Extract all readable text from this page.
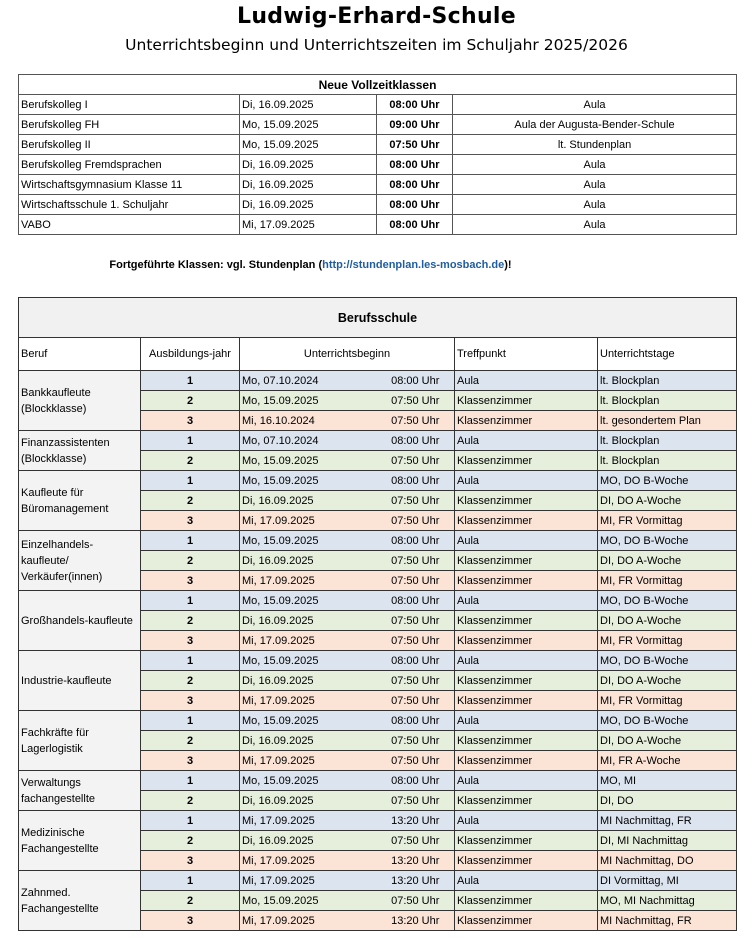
Ludwig-Erhard-Schule
Unterrichtsbeginn und Unterrichtszeiten im Schuljahr 2025/2026
Neue Vollzeitklassen			
Berufskolleg I	Di, 16.09.2025	08:00 Uhr	Aula
Berufskolleg FH	Mo, 15.09.2025	09:00 Uhr	Aula der Augusta-Bender-Schule
Berufskolleg II	Mo, 15.09.2025	07:50 Uhr	lt. Stundenplan
Berufskolleg Fremdsprachen	Di, 16.09.2025	08:00 Uhr	Aula
Wirtschaftsgymnasium Klasse 11	Di, 16.09.2025	08:00 Uhr	Aula
Wirtschaftsschule 1. Schuljahr	Di, 16.09.2025	08:00 Uhr	Aula
VABO	Mi, 17.09.2025	08:00 Uhr	Aula
Fortgeführte Klassen: vgl. Stundenplan (http://stundenplan.les-mosbach.de)!
Berufsschule					
Beruf	Ausbildungs-jahr	Unterrichtsbeginn		Treffpunkt	Unterrichtstage
Bankkaufleute (Blockklasse)	1	Mo, 07.10.2024	08:00 Uhr	Aula	lt. Blockplan
	2	Mo, 15.09.2025	07:50 Uhr	Klassenzimmer	lt. Blockplan
	3	Mi, 16.10.2024	07:50 Uhr	Klassenzimmer	lt. gesondertem Plan
Finanzassistenten (Blockklasse)	1	Mo, 07.10.2024	08:00 Uhr	Aula	lt. Blockplan
	2	Mo, 15.09.2025	07:50 Uhr	Klassenzimmer	lt. Blockplan
Kaufleute für Büromanagement	1	Mo, 15.09.2025	08:00 Uhr	Aula	MO, DO B-Woche
	2	Di, 16.09.2025	07:50 Uhr	Klassenzimmer	DI, DO A-Woche
	3	Mi, 17.09.2025	07:50 Uhr	Klassenzimmer	MI, FR Vormittag
Einzelhandels-kaufleute/ Verkäufer(innen)	1	Mo, 15.09.2025	08:00 Uhr	Aula	MO, DO B-Woche
	2	Di, 16.09.2025	07:50 Uhr	Klassenzimmer	DI, DO A-Woche
	3	Mi, 17.09.2025	07:50 Uhr	Klassenzimmer	MI, FR Vormittag
Großhandels-kaufleute	1	Mo, 15.09.2025	08:00 Uhr	Aula	MO, DO B-Woche
	2	Di, 16.09.2025	07:50 Uhr	Klassenzimmer	DI, DO A-Woche
	3	Mi, 17.09.2025	07:50 Uhr	Klassenzimmer	MI, FR Vormittag
Industrie-kaufleute	1	Mo, 15.09.2025	08:00 Uhr	Aula	MO, DO B-Woche
	2	Di, 16.09.2025	07:50 Uhr	Klassenzimmer	DI, DO A-Woche
	3	Mi, 17.09.2025	07:50 Uhr	Klassenzimmer	MI, FR Vormittag
Fachkräfte für Lagerlogistik	1	Mo, 15.09.2025	08:00 Uhr	Aula	MO, DO B-Woche
	2	Di, 16.09.2025	07:50 Uhr	Klassenzimmer	DI, DO A-Woche
	3	Mi, 17.09.2025	07:50 Uhr	Klassenzimmer	MI, FR A-Woche
Verwaltungs fachangestellte	1	Mo, 15.09.2025	08:00 Uhr	Aula	MO, MI
	2	Di, 16.09.2025	07:50 Uhr	Klassenzimmer	DI, DO
Medizinische Fachangestellte	1	Mi, 17.09.2025	13:20 Uhr	Aula	MI Nachmittag, FR
	2	Di, 16.09.2025	07:50 Uhr	Klassenzimmer	DI, MI Nachmittag
	3	Mi, 17.09.2025	13:20 Uhr	Klassenzimmer	MI Nachmittag, DO
Zahnmed. Fachangestellte	1	Mi, 17.09.2025	13:20 Uhr	Aula	DI Vormittag, MI
	2	Mo, 15.09.2025	07:50 Uhr	Klassenzimmer	MO, MI Nachmittag
	3	Mi, 17.09.2025	13:20 Uhr	Klassenzimmer	MI Nachmittag, FR
